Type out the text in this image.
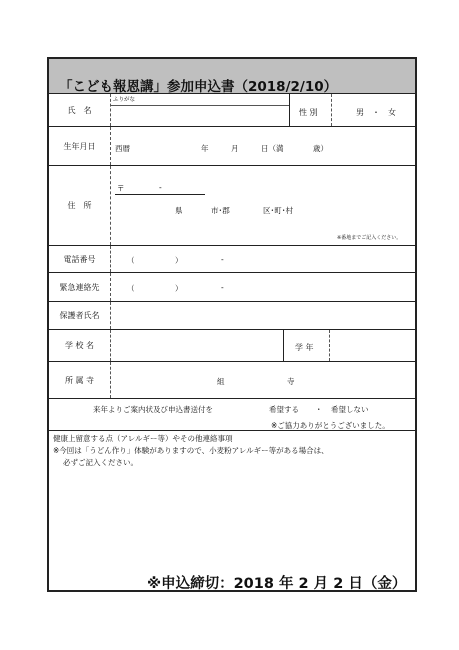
「こども報恩講」参加申込書（2018/2/10）
氏　名
ふりがな
性 別	男　・　女
生年月日	西暦	年	月	日（満	歳）
住　所
〒	-
県	市･郡	区･町･村
※番地までご記入ください。
電話番号	（	）	-
緊急連絡先	（	）	-
保護者氏名
学 校 名	学 年
所 属 寺	組	寺
来年よりご案内状及び申込書送付を	希望する ・ 希望しない
※ご協力ありがとうございました。
健康上留意する点（アレルギー等）やその他連絡事項
※今回は「うどん作り」体験がありますので、小麦粉アレルギー等がある場合は、
必ずご記入ください。
※申込締切：2018 年 2 月 2 日（金）
